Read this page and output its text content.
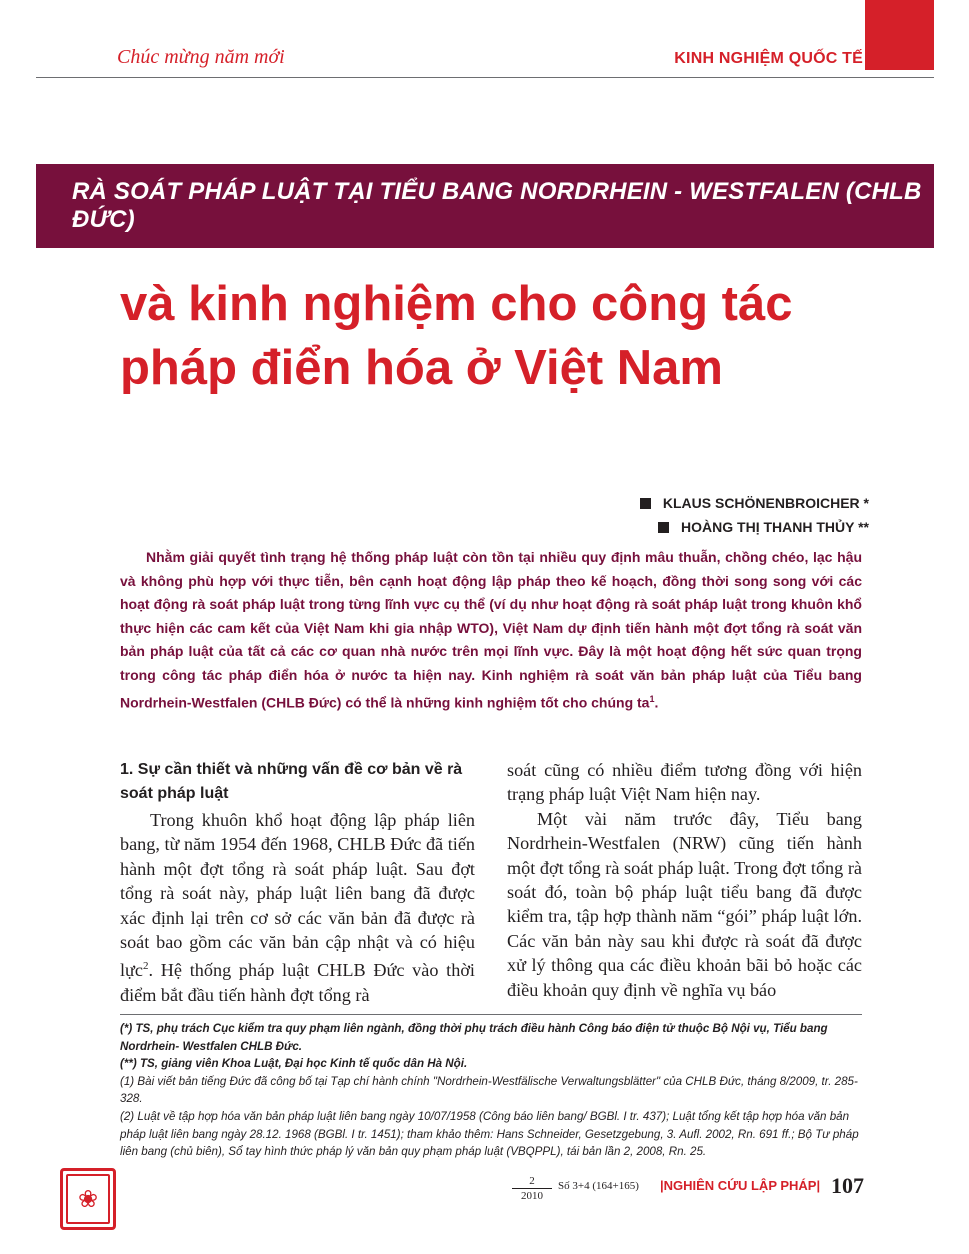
Chúc mừng năm mới	KINH NGHIỆM QUỐC TẾ
RÀ SOÁT PHÁP LUẬT TẠI TIỂU BANG NORDRHEIN - WESTFALEN (CHLB ĐỨC)
và kinh nghiệm cho công tác
pháp điển hóa ở Việt Nam
KLAUS SCHÖNENBROICHER *
HOÀNG THỊ THANH THỦY **
Nhằm giải quyết tình trạng hệ thống pháp luật còn tồn tại nhiều quy định mâu thuẫn, chồng chéo, lạc hậu và không phù hợp với thực tiễn, bên cạnh hoạt động lập pháp theo kế hoạch, đồng thời song song với các hoạt động rà soát pháp luật trong từng lĩnh vực cụ thể (ví dụ như hoạt động rà soát pháp luật trong khuôn khổ thực hiện các cam kết của Việt Nam khi gia nhập WTO), Việt Nam dự định tiến hành một đợt tổng rà soát văn bản pháp luật của tất cả các cơ quan nhà nước trên mọi lĩnh vực. Đây là một hoạt động hết sức quan trọng trong công tác pháp điển hóa ở nước ta hiện nay. Kinh nghiệm rà soát văn bản pháp luật của Tiểu bang Nordrhein-Westfalen (CHLB Đức) có thể là những kinh nghiệm tốt cho chúng $ta^1$.
1. Sự cần thiết và những vấn đề cơ bản về rà soát pháp luật

Trong khuôn khổ hoạt động lập pháp liên bang, từ năm 1954 đến 1968, CHLB Đức đã tiến hành một đợt tổng rà soát pháp luật. Sau đợt tổng rà soát này, pháp luật liên bang đã được xác định lại trên cơ sở các văn bản đã được rà soát bao gồm các văn bản cập nhật và có hiệu lực$^2$. Hệ thống pháp luật CHLB Đức vào thời điểm bắt đầu tiến hành đợt tổng rà

soát cũng có nhiều điểm tương đồng với hiện trạng pháp luật Việt Nam hiện nay.

Một vài năm trước đây, Tiểu bang Nordrhein-Westfalen (NRW) cũng tiến hành một đợt tổng rà soát pháp luật. Trong đợt tổng rà soát đó, toàn bộ pháp luật tiểu bang đã được kiểm tra, tập hợp thành năm “gói” pháp luật lớn. Các văn bản này sau khi được rà soát đã được xử lý thông qua các điều khoản bãi bỏ hoặc các điều khoản quy định về nghĩa vụ báo

(*) TS, phụ trách Cục kiểm tra quy phạm liên ngành, đồng thời phụ trách điều hành Công báo điện tử thuộc Bộ Nội vụ, Tiểu bang Nordrhein- Westfalen CHLB Đức.
(**) TS, giảng viên Khoa Luật, Đại học Kinh tế quốc dân Hà Nội.
(1) Bài viết bản tiếng Đức đã công bố tại Tạp chí hành chính "Nordrhein-Westfälische Verwaltungsblätter" của CHLB Đức, tháng 8/2009, tr. 285-328.
(2) Luật về tập hợp hóa văn bản pháp luật liên bang ngày 10/07/1958 (Công báo liên bang/ BGBl. I tr. 437); Luật tổng kết tập hợp hóa văn bản pháp luật liên bang ngày 28.12. 1968 (BGBl. I tr. 1451); tham khảo thêm: Hans Schneider, Gesetzgebung, 3. Aufl. 2002, Rn. 691 ff.; Bộ Tư pháp liên bang (chủ biên), Sổ tay hình thức pháp lý văn bản quy phạm pháp luật (VBQPPL), tái bản lần 2, 2008, Rn. 25.
❀	$\frac{2}{2010}$ Số 3+4 (164+165) |NGHIÊN CỨU LẬP PHÁP| 107
